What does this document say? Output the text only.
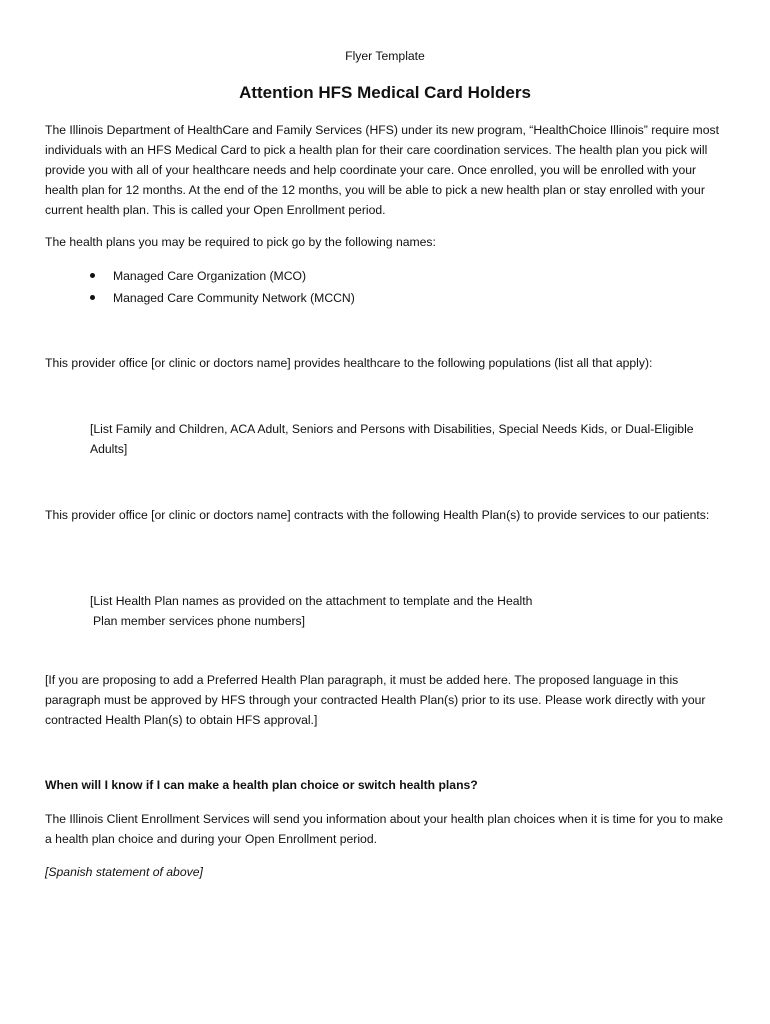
Flyer Template

Attention HFS Medical Card Holders

The Illinois Department of HealthCare and Family Services (HFS) under its new program, “HealthChoice Illinois” require most individuals with an HFS Medical Card to pick a health plan for their care coordination services. The health plan you pick will provide you with all of your healthcare needs and help coordinate your care. Once enrolled, you will be enrolled with your health plan for 12 months. At the end of the 12 months, you will be able to pick a new health plan or stay enrolled with your current health plan. This is called your Open Enrollment period.

The health plans you may be required to pick go by the following names:

Managed Care Organization (MCO)
Managed Care Community Network (MCCN)

This provider office [or clinic or doctors name] provides healthcare to the following populations (list all that apply):

[List Family and Children, ACA Adult, Seniors and Persons with Disabilities, Special Needs Kids, or Dual-Eligible Adults]

This provider office [or clinic or doctors name] contracts with the following Health Plan(s) to provide services to our patients:

[List Health Plan names as provided on the attachment to template and the Health

Plan member services phone numbers]

[If you are proposing to add a Preferred Health Plan paragraph, it must be added here. The proposed language in this paragraph must be approved by HFS through your contracted Health Plan(s) prior to its use. Please work directly with your contracted Health Plan(s) to obtain HFS approval.]

When will I know if I can make a health plan choice or switch health plans?

The Illinois Client Enrollment Services will send you information about your health plan choices when it is time for you to make a health plan choice and during your Open Enrollment period.

[Spanish statement of above]
